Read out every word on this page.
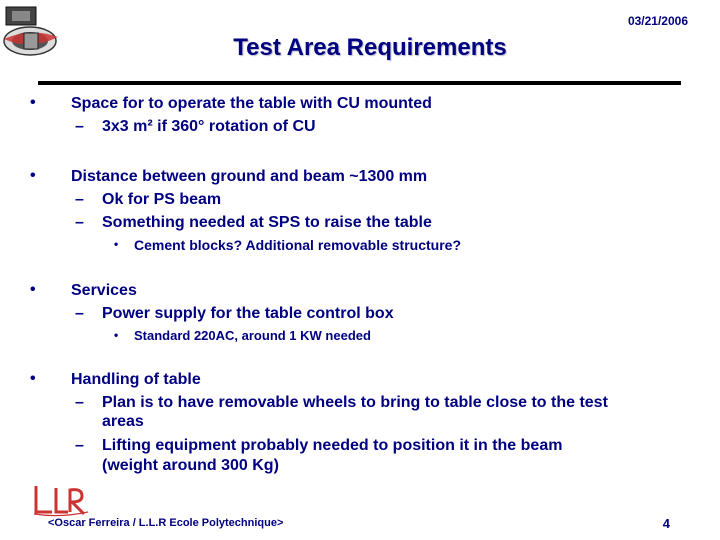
03/21/2006
Test Area Requirements
• Space for to operate the table with CU mounted
– 3x3 m² if 360° rotation of CU
• Distance between ground and beam ~1300 mm
– Ok for PS beam
– Something needed at SPS to raise the table
• Cement blocks? Additional removable structure?
• Services
– Power supply for the table control box
• Standard 220AC, around 1 KW needed
• Handling of table
– Plan is to have removable wheels to bring to table close to the test
areas
– Lifting equipment probably needed to position it in the beam
(weight around 300 Kg)
<Oscar Ferreira / L.L.R Ecole Polytechnique>	4
